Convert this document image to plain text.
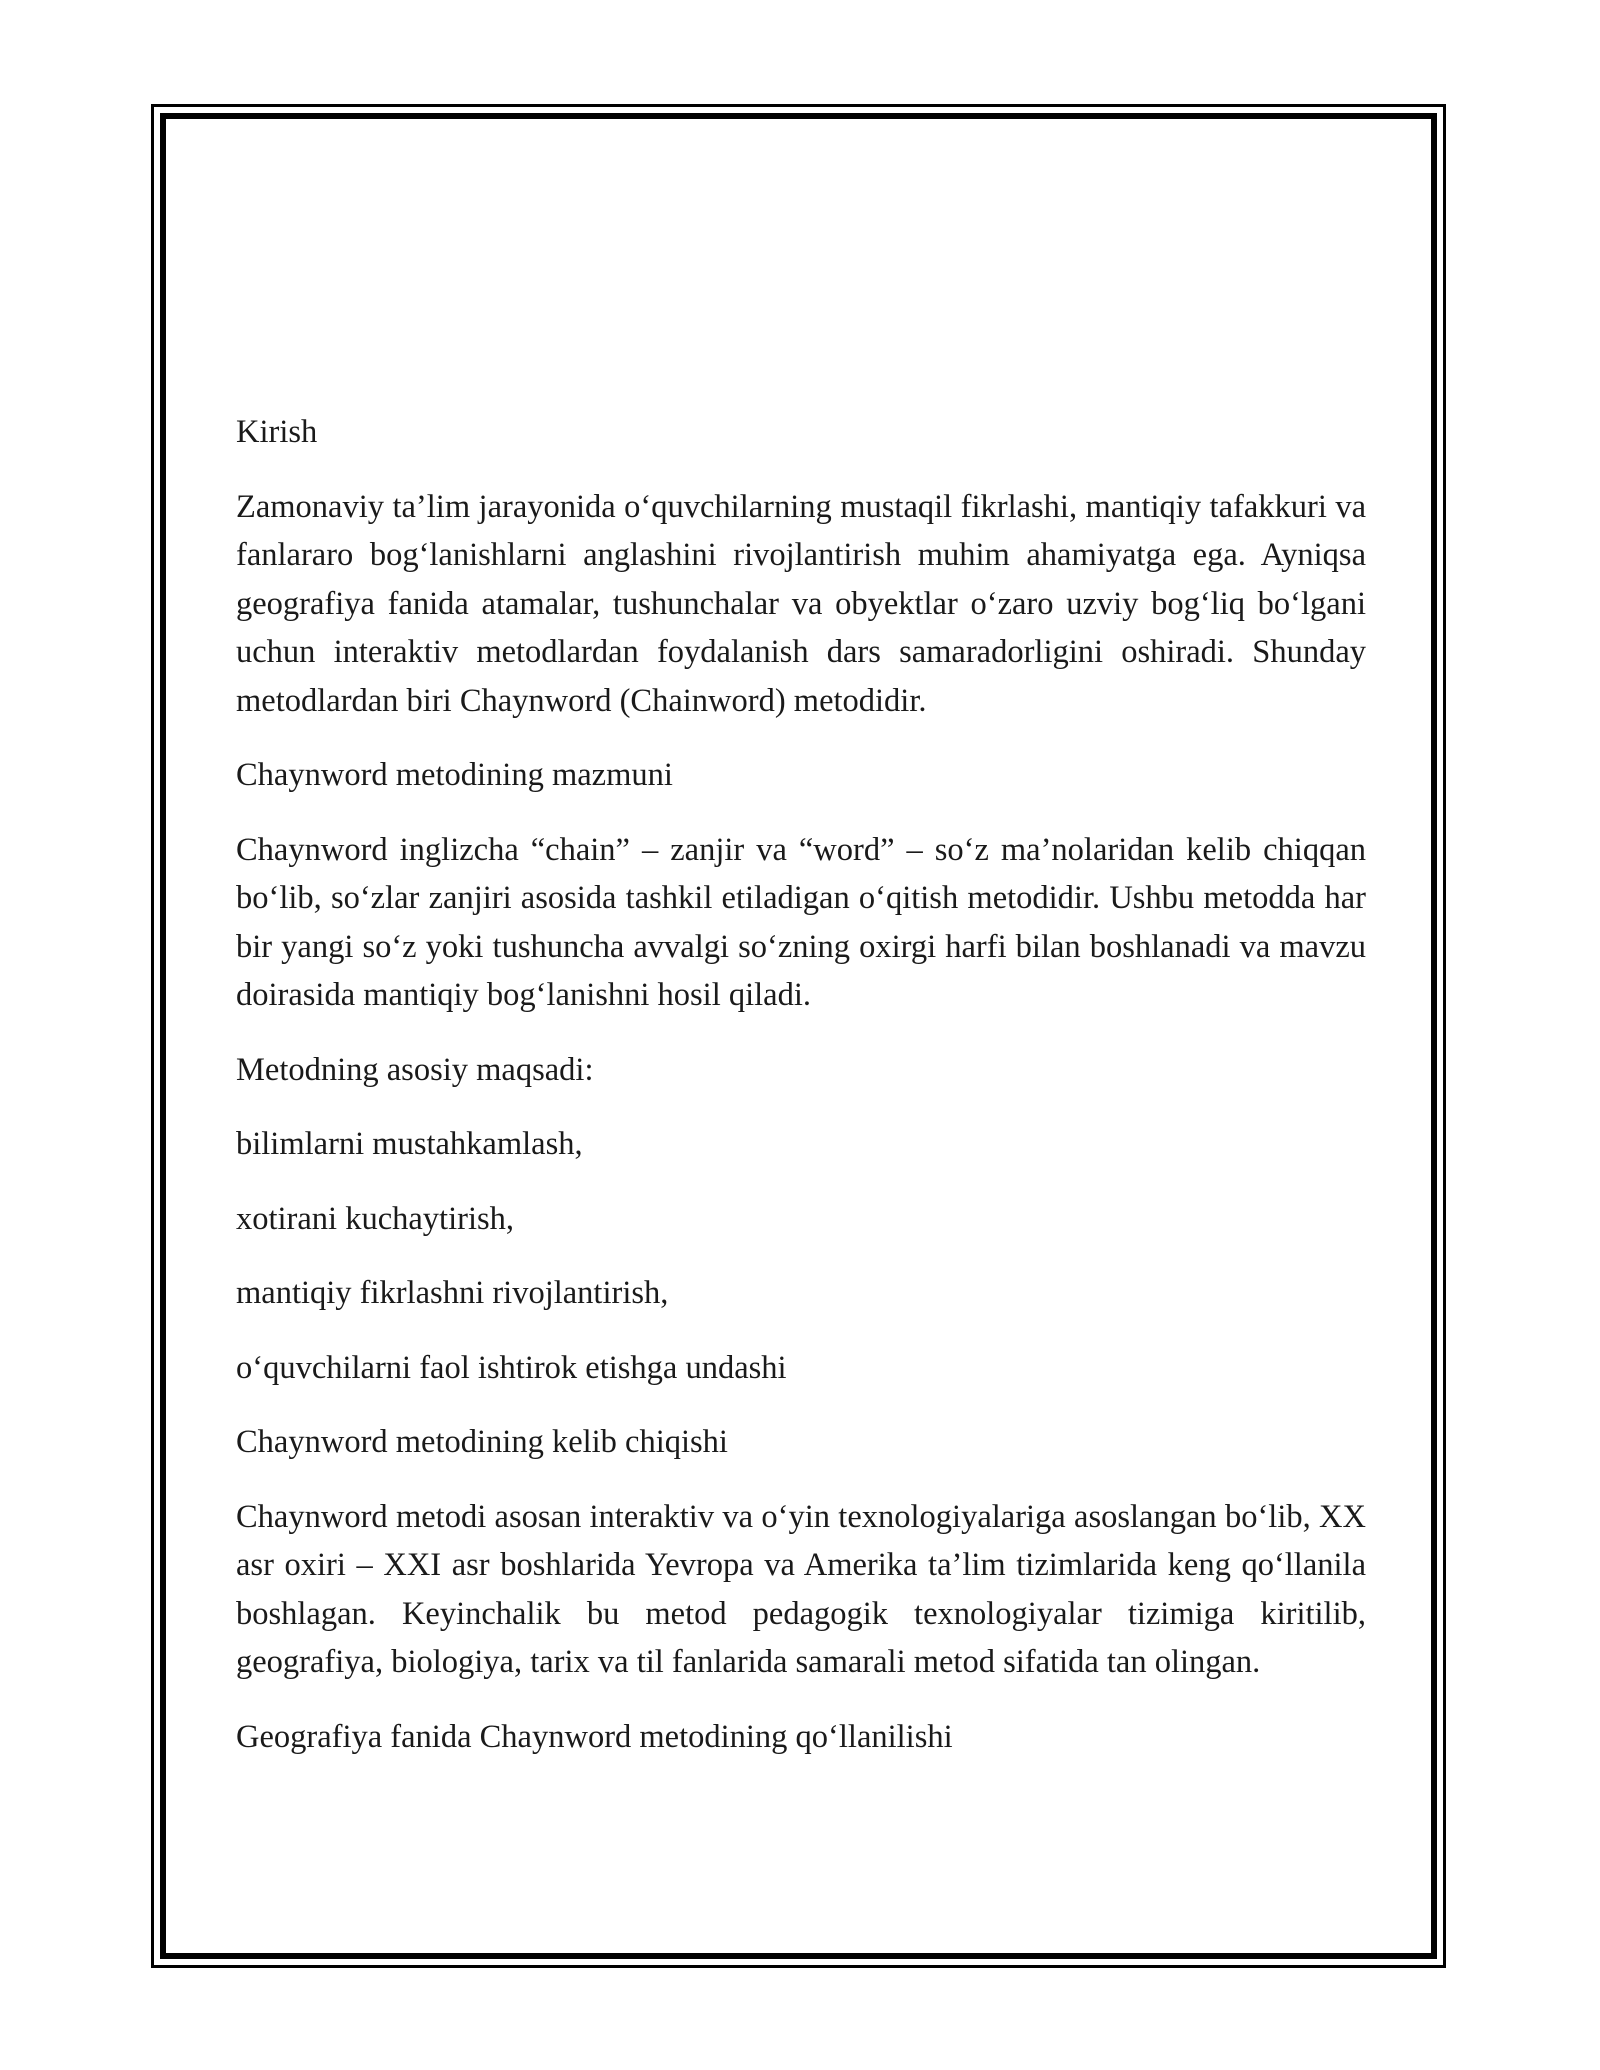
Kirish

Zamonaviy ta’lim jarayonida o‘quvchilarning mustaqil fikrlashi, mantiqiy tafakkuri va fanlararo bog‘lanishlarni anglashini rivojlantirish muhim ahamiyatga ega. Ayniqsa geografiya fanida atamalar, tushunchalar va obyektlar o‘zaro uzviy bog‘liq bo‘lgani uchun interaktiv metodlardan foydalanish dars samaradorligini oshiradi. Shunday metodlardan biri Chaynword (Chainword) metodidir.

Chaynword metodining mazmuni

Chaynword inglizcha “chain” – zanjir va “word” – so‘z ma’nolaridan kelib chiqqan bo‘lib, so‘zlar zanjiri asosida tashkil etiladigan o‘qitish metodidir. Ushbu metodda har bir yangi so‘z yoki tushuncha avvalgi so‘zning oxirgi harfi bilan boshlanadi va mavzu doirasida mantiqiy bog‘lanishni hosil qiladi.

Metodning asosiy maqsadi:

bilimlarni mustahkamlash,

xotirani kuchaytirish,

mantiqiy fikrlashni rivojlantirish,

o‘quvchilarni faol ishtirok etishga undashi

Chaynword metodining kelib chiqishi

Chaynword metodi asosan interaktiv va o‘yin texnologiyalariga asoslangan bo‘lib, XX asr oxiri – XXI asr boshlarida Yevropa va Amerika ta’lim tizimlarida keng qo‘llanila boshlagan. Keyinchalik bu metod pedagogik texnologiyalar tizimiga kiritilib, geografiya, biologiya, tarix va til fanlarida samarali metod sifatida tan olingan.

Geografiya fanida Chaynword metodining qo‘llanilishi
